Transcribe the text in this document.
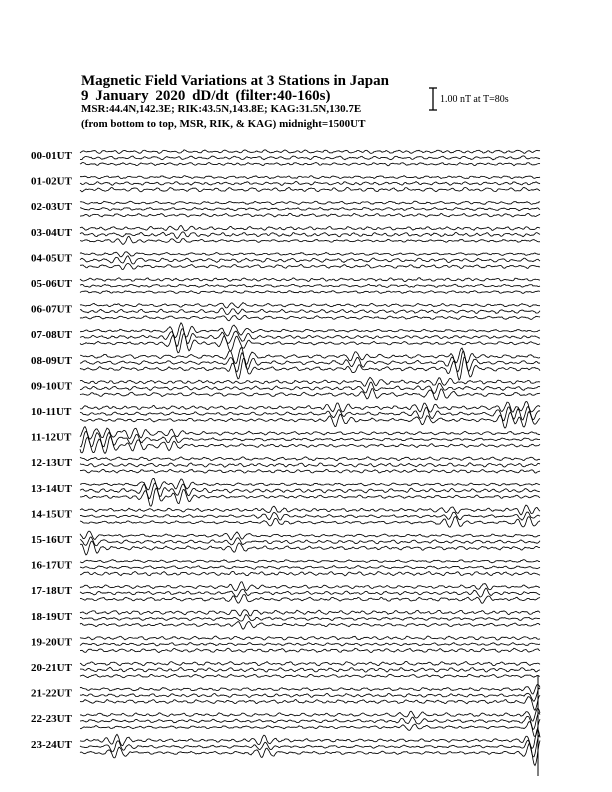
Magnetic Field Variations at 3 Stations in Japan
9 January 2020 dD/dt (filter:40-160s)
MSR:44.4N,142.3E; RIK:43.5N,143.8E; KAG:31.5N,130.7E
(from bottom to top, MSR, RIK, & KAG) midnight=1500UT
1.00 nT at T=80s
00-01UT
01-02UT
02-03UT
03-04UT
04-05UT
05-06UT
06-07UT
07-08UT
08-09UT
09-10UT
10-11UT
11-12UT
12-13UT
13-14UT
14-15UT
15-16UT
16-17UT
17-18UT
18-19UT
19-20UT
20-21UT
21-22UT
22-23UT
23-24UT
